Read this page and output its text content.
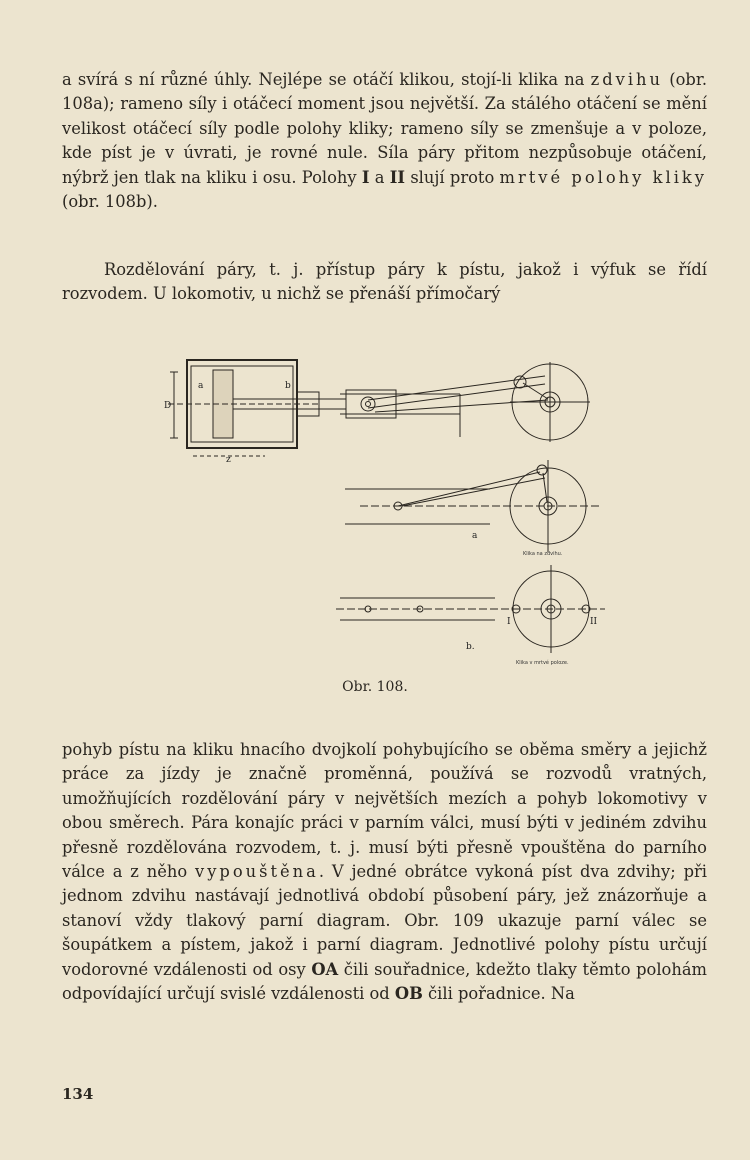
a svírá s ní různé úhly. Nejlépe se otáčí klikou, stojí-li klika na zdvihu (obr. 108a); rameno síly i otáčecí moment jsou největší. Za stálého otáčení se mění velikost otáčecí síly podle polohy kliky; rameno síly se zmenšuje a v poloze, kde píst je v úvrati, je rovné nule. Síla páry přitom nezpůsobuje otáčení, nýbrž jen tlak na kliku i osu. Polohy I a II slují proto mrtvé polohy kliky (obr. 108b).

Rozdělování páry, t. j. přístup páry k pístu, jakož i výfuk se řídí rozvodem. U lokomotiv, u nichž se přenáší přímočarý

a	b
D
z
a
Klika na zdvihu.
I	II
b.
Klika v mrtvé poloze.
Obr. 108.

pohyb pístu na kliku hnacího dvojkolí pohybujícího se oběma směry a jejichž práce za jízdy je značně proměnná, používá se rozvodů vratných, umožňujících rozdělování páry v největších mezích a pohyb lokomotivy v obou směrech. Pára konajíc práci v parním válci, musí býti v jediném zdvihu přesně rozdělována rozvodem, t. j. musí býti přesně vpouštěna do parního válce a z něho vypouštěna. V jedné obrátce vykoná píst dva zdvihy; při jednom zdvihu nastávají jednotlivá období působení páry, jež znázorňuje a stanoví vždy tlakový parní diagram. Obr. 109 ukazuje parní válec se šoupátkem a pístem, jakož i parní diagram. Jednotlivé polohy pístu určují vodorovné vzdálenosti od osy OA čili souřadnice, kdežto tlaky těmto polohám odpovídající určují svislé vzdálenosti od OB čili pořadnice. Na

134
